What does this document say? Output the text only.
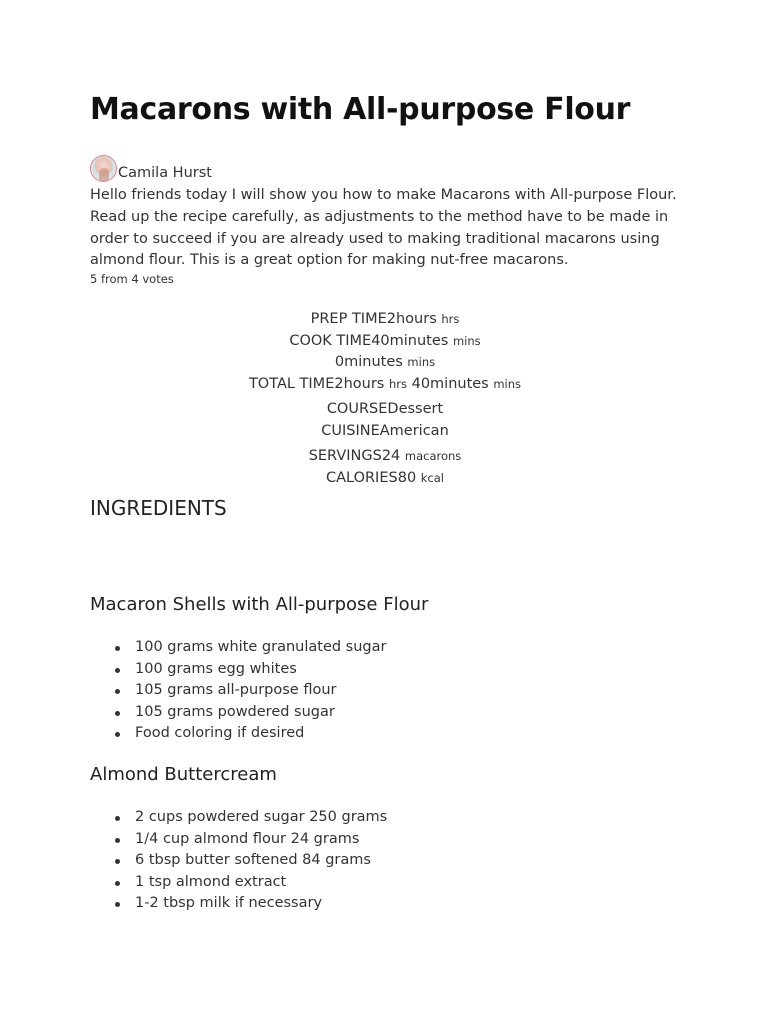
Macarons with All-purpose Flour
Camila Hurst

Hello friends today I will show you how to make Macarons with All-purpose Flour. Read up the recipe carefully, as adjustments to the method have to be made in order to succeed if you are already used to making traditional macarons using almond flour. This is a great option for making nut-free macarons.

5 from 4 votes
PREP TIME2hours hrs
COOK TIME40minutes mins
0minutes mins
TOTAL TIME2hours hrs 40minutes mins
COURSEDessert
CUISINEAmerican
SERVINGS24 macarons
CALORIES80 kcal
INGREDIENTS
Macaron Shells with All-purpose Flour
100 grams white granulated sugar
100 grams egg whites
105 grams all-purpose flour
105 grams powdered sugar
Food coloring if desired
Almond Buttercream
2 cups powdered sugar 250 grams
1/4 cup almond flour 24 grams
6 tbsp butter softened 84 grams
1 tsp almond extract
1-2 tbsp milk if necessary
